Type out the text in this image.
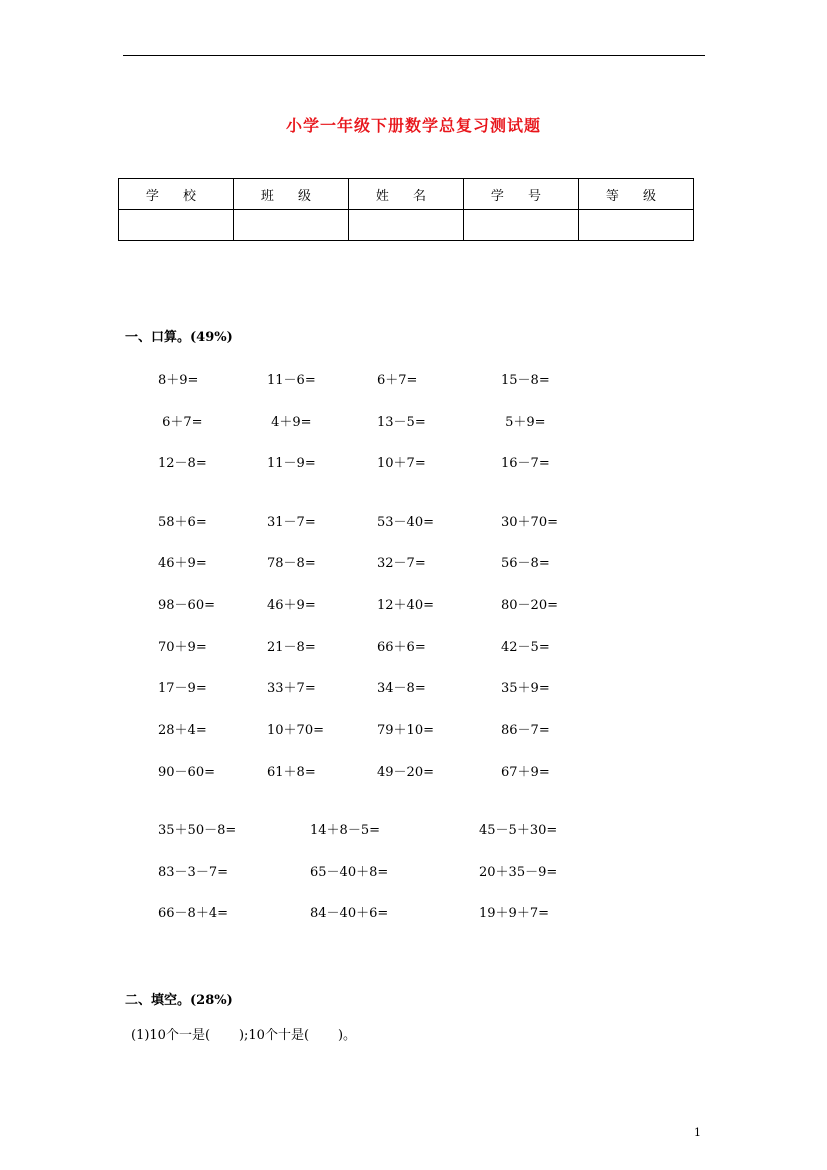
小学一年级下册数学总复习测试题
学 校	班 级	姓 名	学 号	等 级

一、口算。(49%)
8＋9=	11－6=	6＋7=	15－8=
6＋7=	4＋9=	13－5=	5＋9=
12－8=	11－9=	10＋7=	16－7=
58＋6=	31－7=	53－40=	30＋70=
46＋9=	78－8=	32－7=	56－8=
98－60=	46＋9=	12＋40=	80－20=
70＋9=	21－8=	66＋6=	42－5=
17－9=	33＋7=	34－8=	35＋9=
28＋4=	10＋70=	79＋10=	86－7=
90－60=	61＋8=	49－20=	67＋9=
35＋50－8=	14＋8－5=	45－5＋30=
83－3－7=	65－40＋8=	20＋35－9=
66－8＋4=	84－40＋6=	19＋9＋7=
二、填空。(28%)
(1)10个一是(       );10个十是(       )。
1
